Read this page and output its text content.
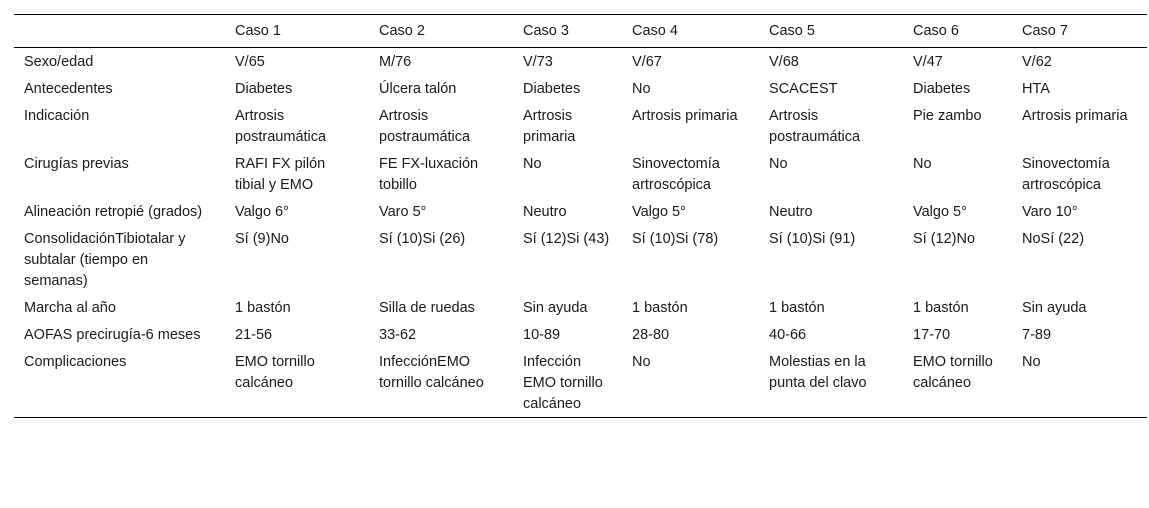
	Caso 1	Caso 2	Caso 3	Caso 4	Caso 5	Caso 6	Caso 7
Sexo/edad	V/65	M/76	V/73	V/67	V/68	V/47	V/62
Antecedentes	Diabetes	Úlcera talón	Diabetes	No	SCACEST	Diabetes	HTA
Indicación	Artrosis postraumática	Artrosis postraumática	Artrosis primaria	Artrosis primaria	Artrosis postraumática	Pie zambo	Artrosis primaria
Cirugías previas	RAFI FX pilón tibial y EMO	FE FX-luxación tobillo	No	Sinovectomía artroscópica	No	No	Sinovectomía artroscópica
Alineación retropié (grados)	Valgo 6°	Varo 5°	Neutro	Valgo 5°	Neutro	Valgo 5°	Varo 10°
ConsolidaciónTibiotalar y subtalar (tiempo en semanas)	Sí (9)No	Sí (10)Si (26)	Sí (12)Si (43)	Sí (10)Si (78)	Sí (10)Si (91)	Sí (12)No	NoSí (22)
Marcha al año	1 bastón	Silla de ruedas	Sin ayuda	1 bastón	1 bastón	1 bastón	Sin ayuda
AOFAS precirugía-6 meses	21-56	33-62	10-89	28-80	40-66	17-70	7-89
Complicaciones	EMO tornillo calcáneo	InfecciónEMO tornillo calcáneo	Infección EMO tornillo calcáneo	No	Molestias en la punta del clavo	EMO tornillo calcáneo	No
